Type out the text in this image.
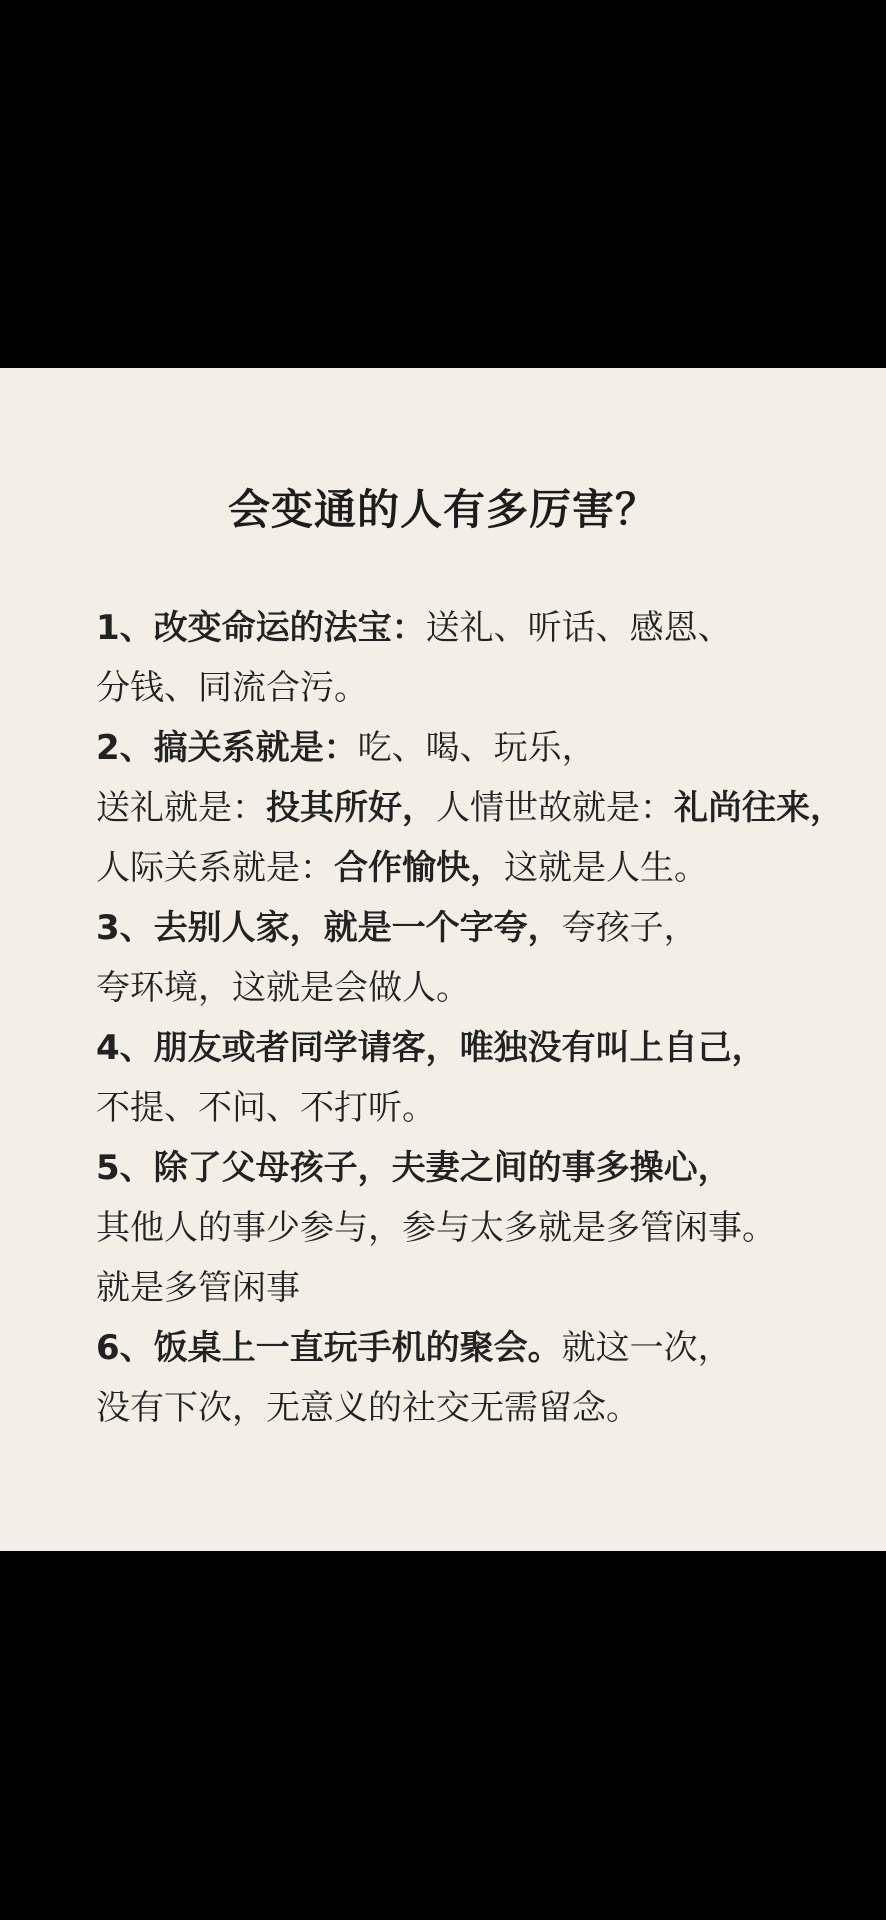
会变通的人有多厉害？
1、改变命运的法宝：送礼、听话、感恩、
分钱、同流合污。
2、搞关系就是：吃、喝、玩乐，
送礼就是：投其所好，人情世故就是：礼尚往来，
人际关系就是：合作愉快，这就是人生。
3、去别人家，就是一个字夸，夸孩子，
夸环境，这就是会做人。
4、朋友或者同学请客，唯独没有叫上自己，
不提、不问、不打听。
5、除了父母孩子，夫妻之间的事多操心，
其他人的事少参与，参与太多就是多管闲事。
就是多管闲事
6、饭桌上一直玩手机的聚会。就这一次，
没有下次，无意义的社交无需留念。
